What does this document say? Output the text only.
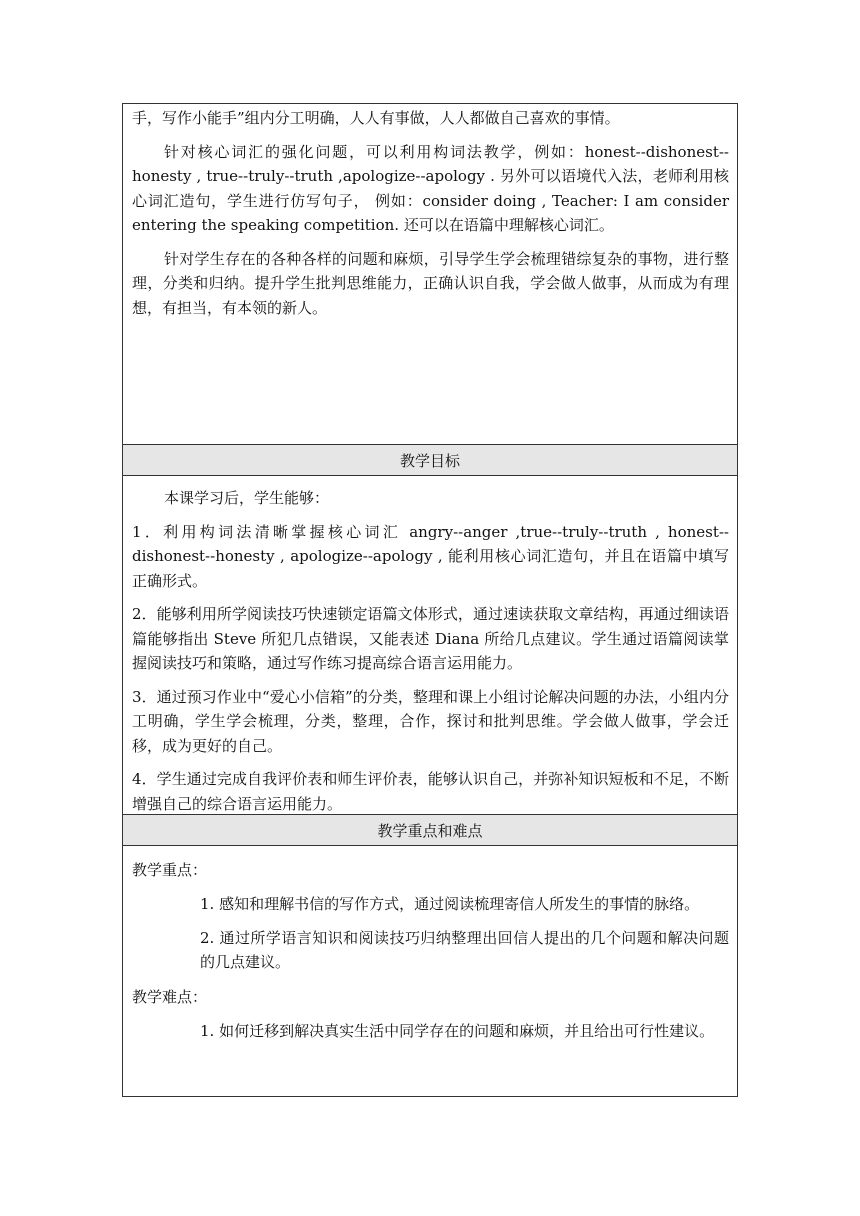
手，写作小能手”组内分工明确，人人有事做，人人都做自己喜欢的事情。

针对核心词汇的强化问题，可以利用构词法教学，例如：honest--dishonest--honesty , true--truly--truth ,apologize--apology . 另外可以语境代入法，老师利用核心词汇造句，学生进行仿写句子， 例如：consider doing , Teacher: I am consider entering the speaking competition. 还可以在语篇中理解核心词汇。

针对学生存在的各种各样的问题和麻烦，引导学生学会梳理错综复杂的事物，进行整理，分类和归纳。提升学生批判思维能力，正确认识自我，学会做人做事，从而成为有理想，有担当，有本领的新人。

教学目标

本课学习后，学生能够：

1．利用构词法清晰掌握核心词汇 angry--anger ,true--truly--truth , honest--dishonest--honesty , apologize--apology , 能利用核心词汇造句，并且在语篇中填写正确形式。

2．能够利用所学阅读技巧快速锁定语篇文体形式，通过速读获取文章结构，再通过细读语篇能够指出 Steve 所犯几点错误，又能表述 Diana 所给几点建议。学生通过语篇阅读掌握阅读技巧和策略，通过写作练习提高综合语言运用能力。

3．通过预习作业中“爱心小信箱”的分类，整理和课上小组讨论解决问题的办法，小组内分工明确，学生学会梳理，分类，整理，合作，探讨和批判思维。学会做人做事，学会迁移，成为更好的自己。

4．学生通过完成自我评价表和师生评价表，能够认识自己，并弥补知识短板和不足，不断增强自己的综合语言运用能力。

教学重点和难点
教学重点：

1. 感知和理解书信的写作方式，通过阅读梳理寄信人所发生的事情的脉络。

2. 通过所学语言知识和阅读技巧归纳整理出回信人提出的几个问题和解决问题的几点建议。

教学难点：

1. 如何迁移到解决真实生活中同学存在的问题和麻烦，并且给出可行性建议。
